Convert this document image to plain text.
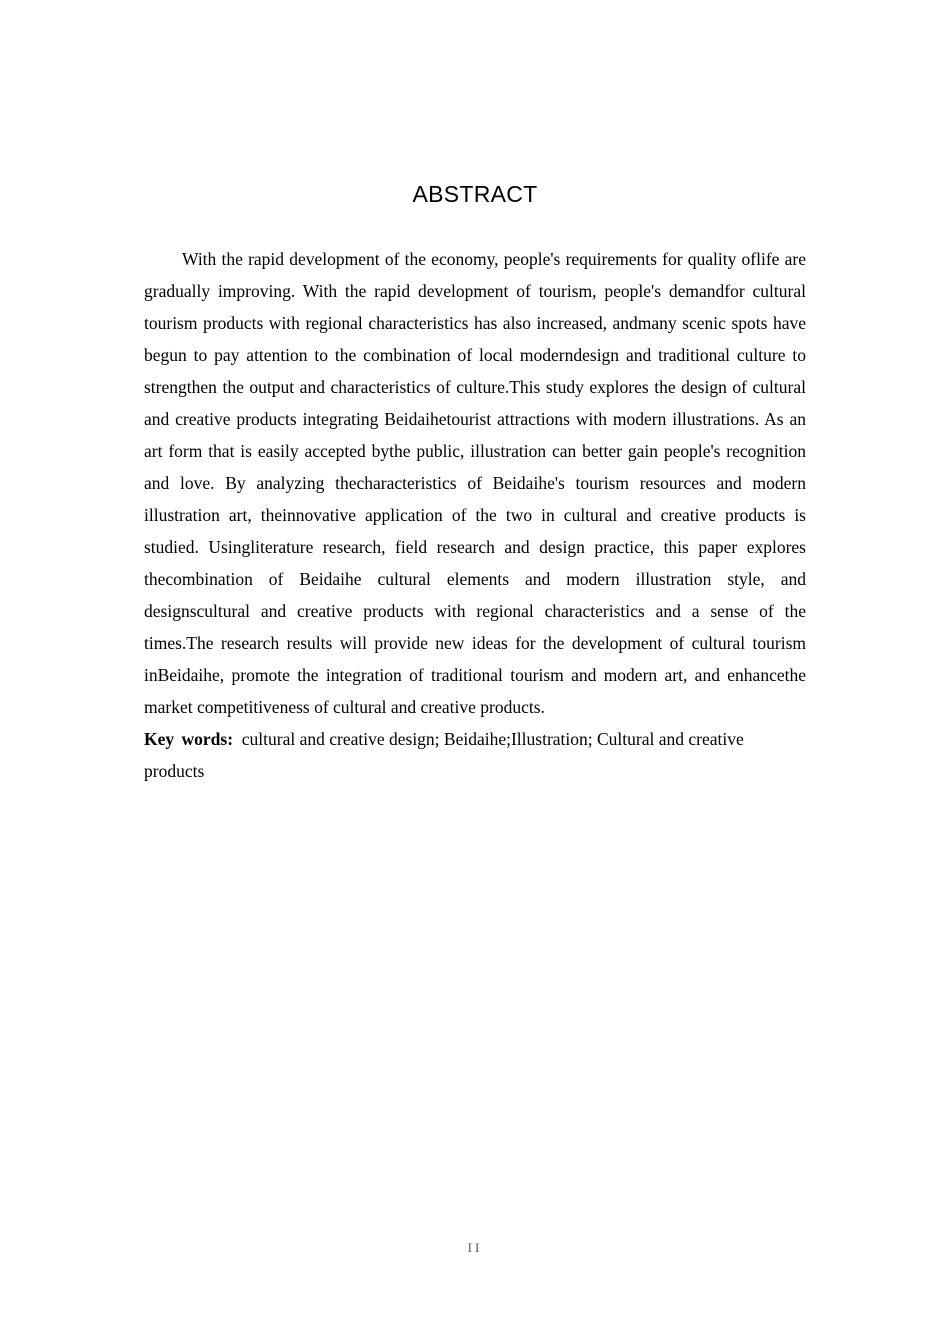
ABSTRACT

With the rapid development of the economy, people's requirements for quality oflife are gradually improving. With the rapid development of tourism, people's demandfor cultural tourism products with regional characteristics has also increased, andmany scenic spots have begun to pay attention to the combination of local moderndesign and traditional culture to strengthen the output and characteristics of culture.This study explores the design of cultural and creative products integrating Beidaihetourist attractions with modern illustrations. As an art form that is easily accepted bythe public, illustration can better gain people's recognition and love. By analyzing thecharacteristics of Beidaihe's tourism resources and modern illustration art, theinnovative application of the two in cultural and creative products is studied. Usingliterature research, field research and design practice, this paper explores thecombination of Beidaihe cultural elements and modern illustration style, and designscultural and creative products with regional characteristics and a sense of the times.The research results will provide new ideas for the development of cultural tourism inBeidaihe, promote the integration of traditional tourism and modern art, and enhancethe market competitiveness of cultural and creative products.

Key words: cultural and creative design; Beidaihe;Illustration; Cultural and creative products

II
